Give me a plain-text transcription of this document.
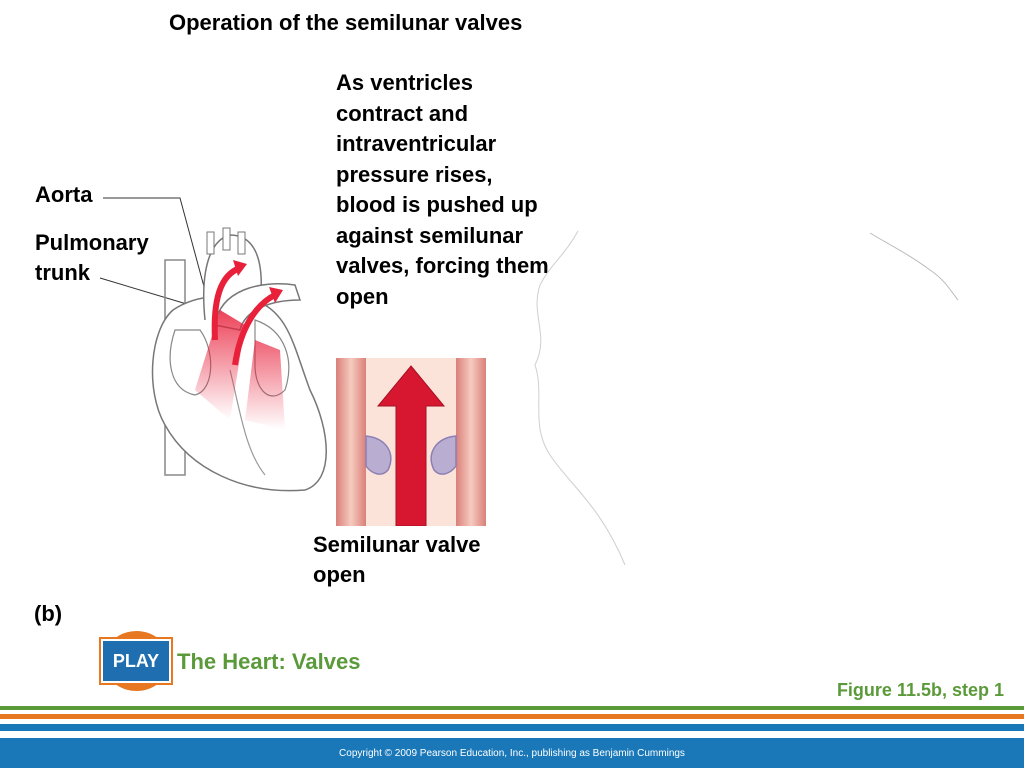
Operation of the semilunar valves
As ventricles contract and intraventricular pressure rises, blood is pushed up against semilunar valves, forcing them open
Aorta
Pulmonary
trunk
Semilunar valve
open
(b)
PLAY The Heart: Valves
Figure 11.5b, step 1
Copyright © 2009 Pearson Education, Inc., publishing as Benjamin Cummings
